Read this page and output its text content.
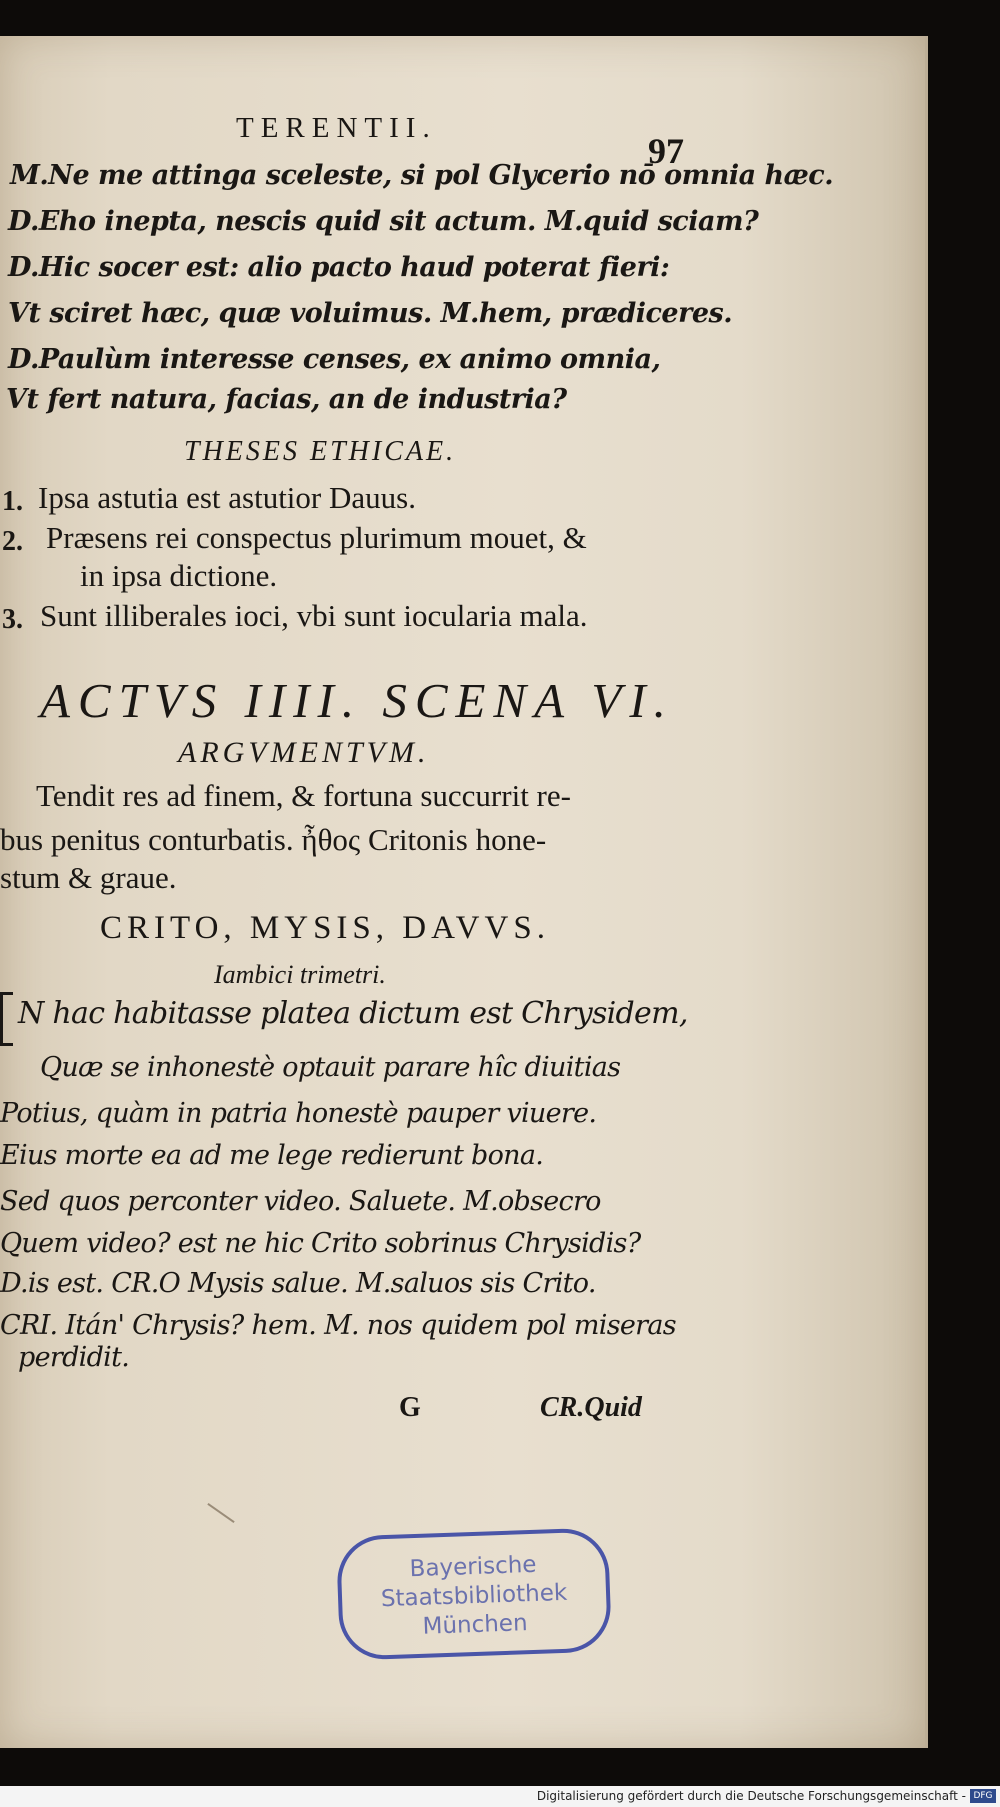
TERENTII.
97
M.Ne me attinga sceleste, si pol Glycerio nō omnia hæc.
D.Eho inepta, nescis quid sit actum. M.quid sciam?
D.Hic socer est: alio pacto haud poterat fieri:
Vt sciret hæc, quæ voluimus. M.hem, prædiceres.
D.Paulùm interesse censes, ex animo omnia,
Vt fert natura, facias, an de industria?
THESES ETHICAE.
1. Ipsa astutia est astutior Dauus.
2. Præsens rei conspectus plurimum mouet, &
in ipsa dictione.
3. Sunt illiberales ioci, vbi sunt iocularia mala.
ACTVS IIII. SCENA VI.
ARGVMENTVM.
Tendit res ad finem, & fortuna succurrit re-
bus penitus conturbatis. ἦθος Critonis hone-
stum & graue.
CRITO, MYSIS, DAVVS.
Iambici trimetri.
N hac habitasse platea dictum est Chrysidem,
Quæ se inhonestè optauit parare hîc diuitias
Potius, quàm in patria honestè pauper viuere.
Eius morte ea ad me lege redierunt bona.
Sed quos perconter video. Saluete. M.obsecro
Quem video? est ne hic Crito sobrinus Chrysidis?
D.is est. CR.O Mysis salue. M.saluos sis Crito.
CRI. Itán' Chrysis? hem. M. nos quidem pol miseras
perdidit.
G	CR.Quid
Bayerische
Staatsbibliothek
München
Digitalisierung gefördert durch die Deutsche Forschungsgemeinschaft - DFG
